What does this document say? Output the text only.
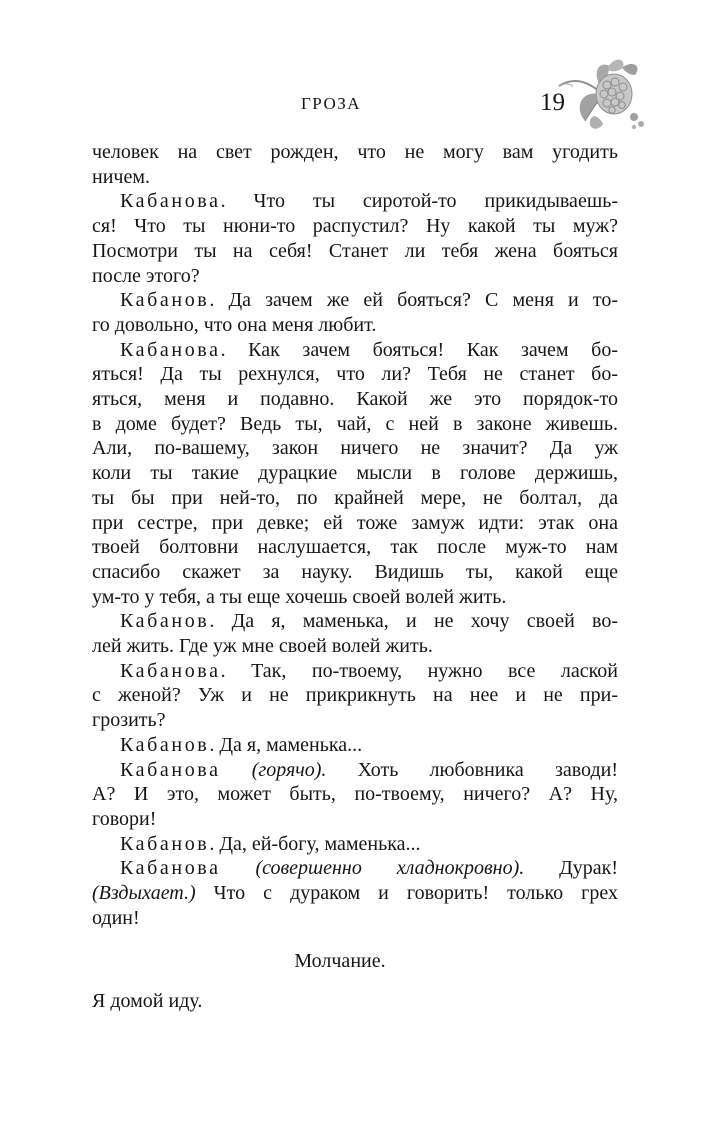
ГРОЗА	19
человек на свет рожден, что не могу вам угодить
ничем.
Кабанова. Что ты сиротой-то прикидываешь-
ся! Что ты нюни-то распустил? Ну какой ты муж?
Посмотри ты на себя! Станет ли тебя жена бояться
после этого?
Кабанов. Да зачем же ей бояться? С меня и то-
го довольно, что она меня любит.
Кабанова. Как зачем бояться! Как зачем бо-
яться! Да ты рехнулся, что ли? Тебя не станет бо-
яться, меня и подавно. Какой же это порядок-то
в доме будет? Ведь ты, чай, с ней в законе живешь.
Али, по-вашему, закон ничего не значит? Да уж
коли ты такие дурацкие мысли в голове держишь,
ты бы при ней-то, по крайней мере, не болтал, да
при сестре, при девке; ей тоже замуж идти: этак она
твоей болтовни наслушается, так после муж-то нам
спасибо скажет за науку. Видишь ты, какой еще
ум-то у тебя, а ты еще хочешь своей волей жить.
Кабанов. Да я, маменька, и не хочу своей во-
лей жить. Где уж мне своей волей жить.
Кабанова. Так, по-твоему, нужно все лаской
с женой? Уж и не прикрикнуть на нее и не при-
грозить?
Кабанов. Да я, маменька...
Кабанова (горячо). Хоть любовника заводи!
А? И это, может быть, по-твоему, ничего? А? Ну,
говори!
Кабанов. Да, ей-богу, маменька...
Кабанова (совершенно хладнокровно). Дурак!
(Вздыхает.) Что с дураком и говорить! только грех
один!
Молчание.
Я домой иду.
